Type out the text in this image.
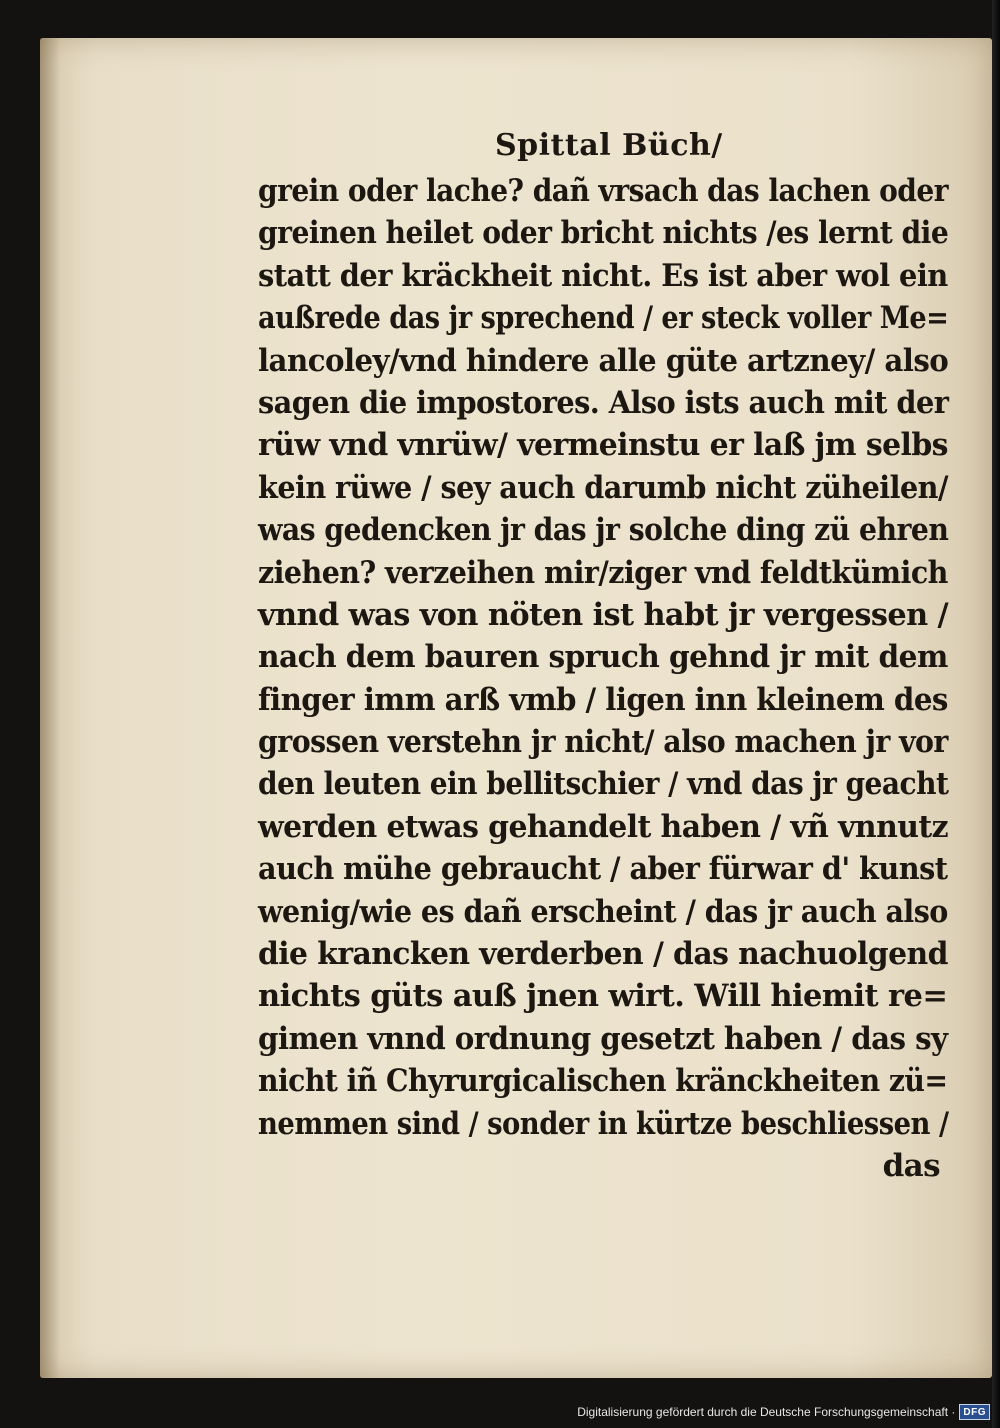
Spittal Büch/
grein oder lache? dañ vrsach das lachen oder
greinen heilet oder bricht nichts /es lernt die
statt der kräckheit nicht. Es ist aber wol ein
außrede das jr sprechend / er steck voller Me=
lancoley/vnd hindere alle güte artzney/ also
sagen die impostores. Also ists auch mit der
rüw vnd vnrüw/ vermeinstu er laß jm selbs
kein rüwe / sey auch darumb nicht züheilen/
was gedencken jr das jr solche ding zü ehren
ziehen? verzeihen mir/ziger vnd feldtkümich
vnnd was von nöten ist habt jr vergessen /
nach dem bauren spruch gehnd jr mit dem
finger imm arß vmb / ligen inn kleinem des
grossen verstehn jr nicht/ also machen jr vor
den leuten ein bellitschier / vnd das jr geacht
werden etwas gehandelt haben / vñ vnnutz
auch mühe gebraucht / aber fürwar d' kunst
wenig/wie es dañ erscheint / das jr auch also
die krancken verderben / das nachuolgend
nichts güts auß jnen wirt. Will hiemit re=
gimen vnnd ordnung gesetzt haben / das sy
nicht iñ Chyrurgicalischen kränckheiten zü=
nemmen sind / sonder in kürtze beschliessen /
das
Digitalisierung gefördert durch die Deutsche Forschungsgemeinschaft · DFG
